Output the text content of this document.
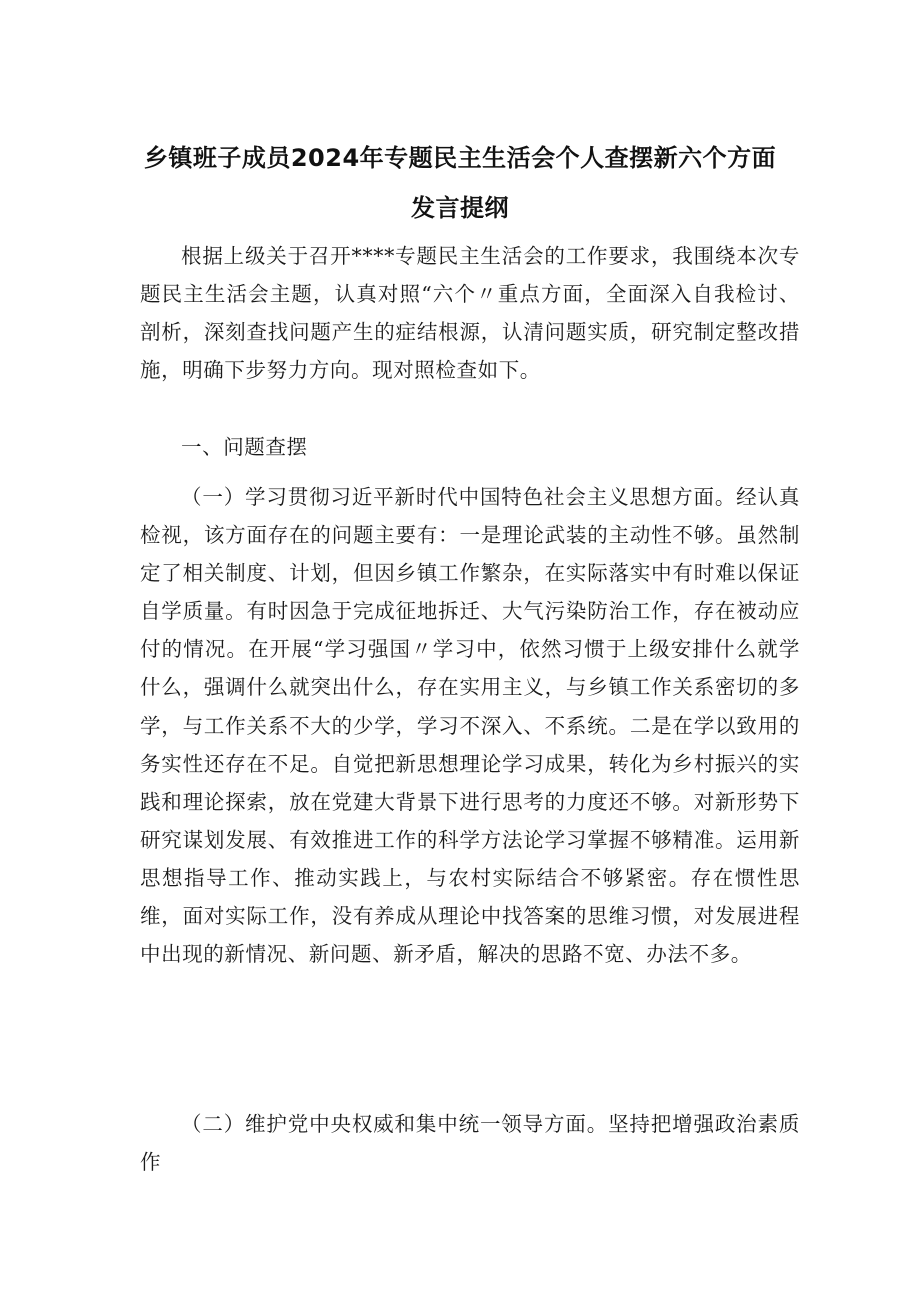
乡镇班子成员2024年专题民主生活会个人查摆新六个方面
发言提纲

根据上级关于召开****专题民主生活会的工作要求，我围绕本次专题民主生活会主题，认真对照“六个〃重点方面，全面深入自我检讨、剖析，深刻查找问题产生的症结根源，认清问题实质，研究制定整改措施，明确下步努力方向。现对照检查如下。

一、问题查摆

（一）学习贯彻习近平新时代中国特色社会主义思想方面。经认真检视，该方面存在的问题主要有：一是理论武装的主动性不够。虽然制定了相关制度、计划，但因乡镇工作繁杂，在实际落实中有时难以保证自学质量。有时因急于完成征地拆迁、大气污染防治工作，存在被动应付的情况。在开展“学习强国〃学习中，依然习惯于上级安排什么就学什么，强调什么就突出什么，存在实用主义，与乡镇工作关系密切的多学，与工作关系不大的少学，学习不深入、不系统。二是在学以致用的务实性还存在不足。自觉把新思想理论学习成果，转化为乡村振兴的实践和理论探索，放在党建大背景下进行思考的力度还不够。对新形势下研究谋划发展、有效推进工作的科学方法论学习掌握不够精准。运用新思想指导工作、推动实践上，与农村实际结合不够紧密。存在惯性思维，面对实际工作，没有养成从理论中找答案的思维习惯，对发展进程中出现的新情况、新问题、新矛盾，解决的思路不宽、办法不多。

（二）维护党中央权威和集中统一领导方面。坚持把增强政治素质作
